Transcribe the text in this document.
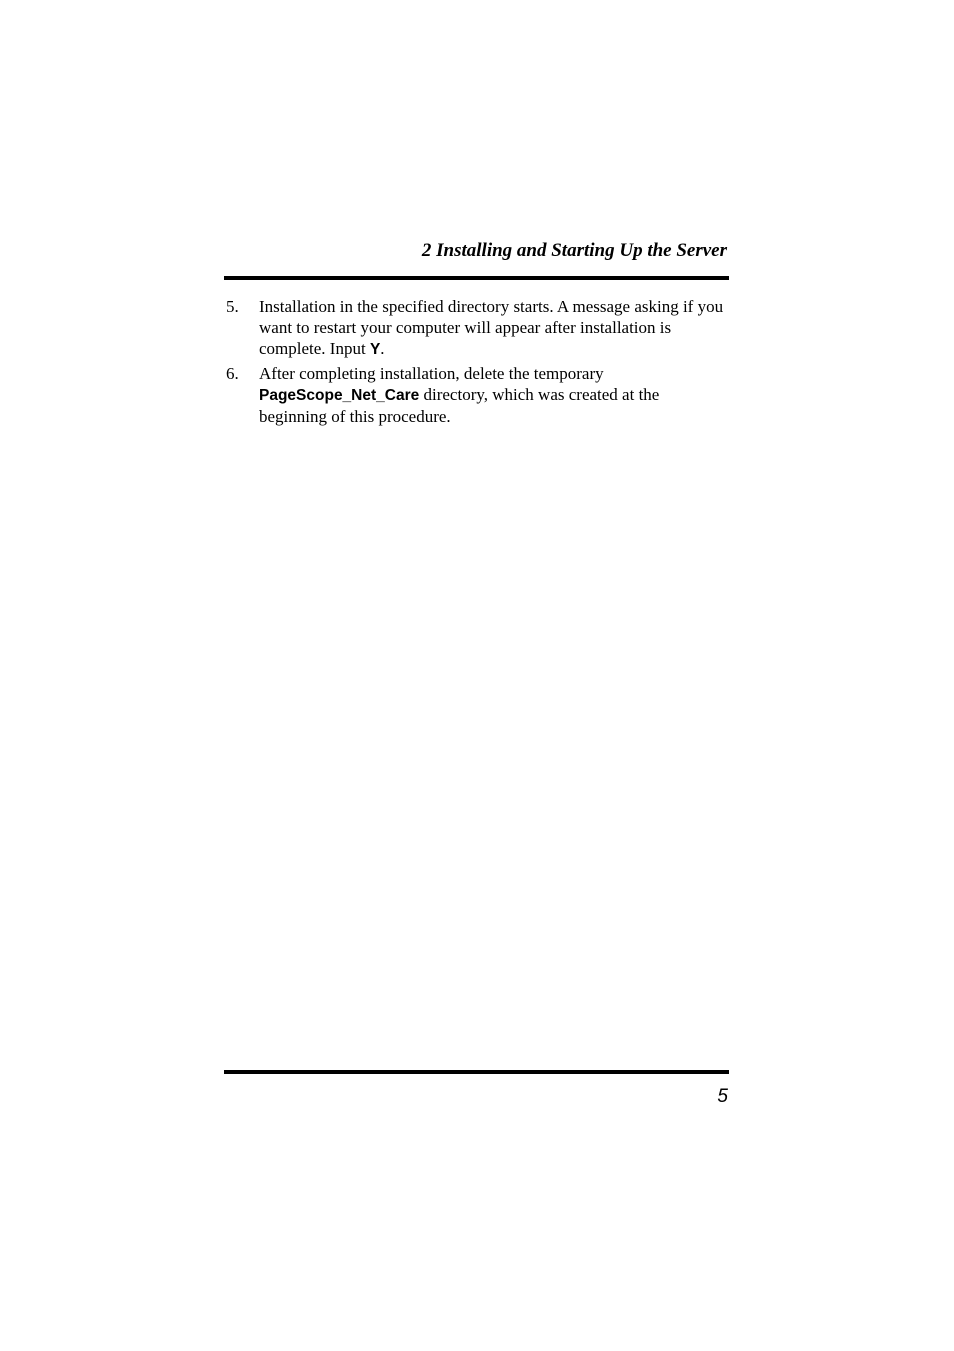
2 Installing and Starting Up the Server
5. Installation in the specified directory starts. A message asking if you want to restart your computer will appear after installation is complete. Input Y.
6. After completing installation, delete the temporary PageScope_Net_Care directory, which was created at the beginning of this procedure.
5
